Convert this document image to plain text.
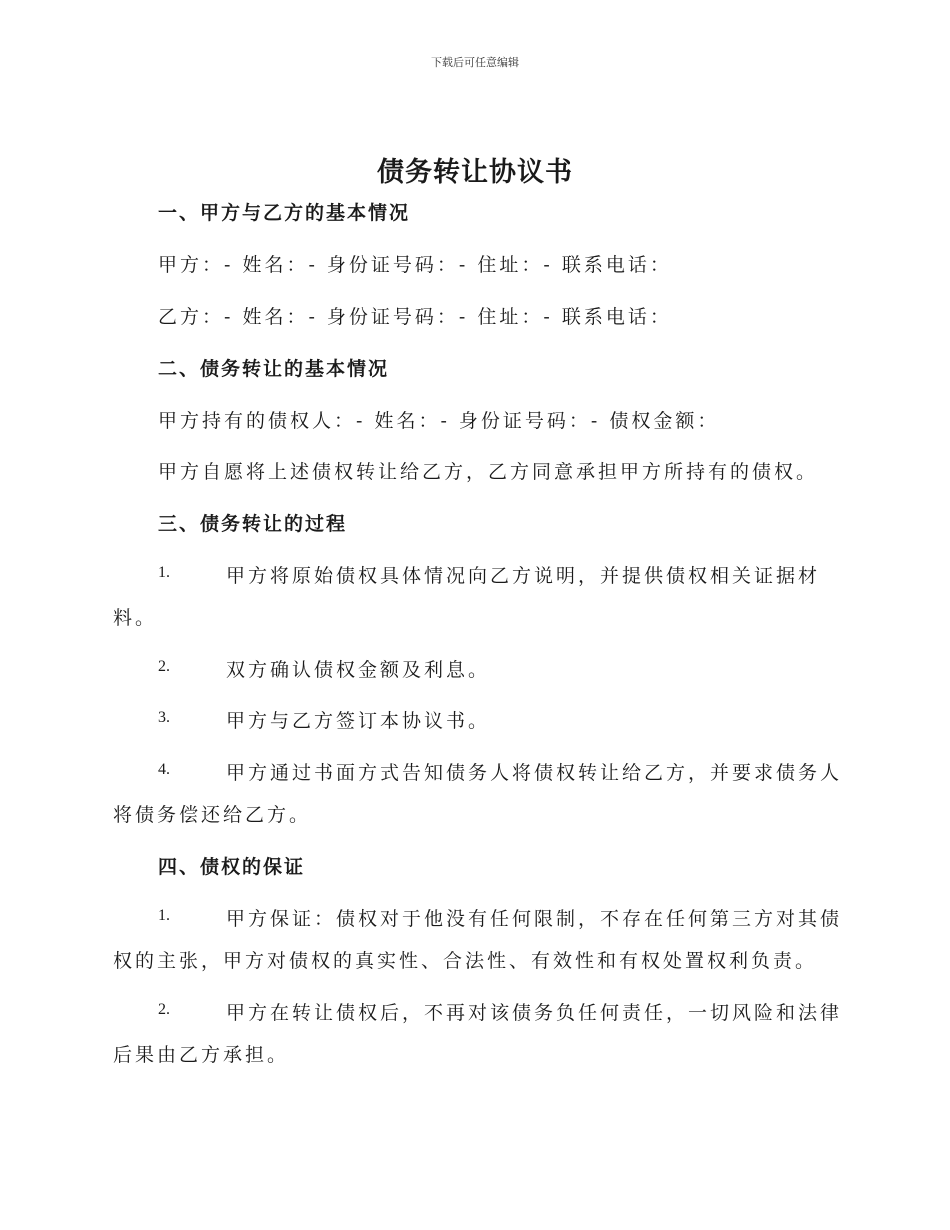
下载后可任意编辑
债务转让协议书
一、甲方与乙方的基本情况
甲方：- 姓名：- 身份证号码：- 住址：- 联系电话：
乙方：- 姓名：- 身份证号码：- 住址：- 联系电话：
二、债务转让的基本情况
甲方持有的债权人：- 姓名：- 身份证号码：- 债权金额：
甲方自愿将上述债权转让给乙方，乙方同意承担甲方所持有的债权。
三、债务转让的过程
1.	甲方将原始债权具体情况向乙方说明，并提供债权相关证据材
料。
2.	双方确认债权金额及利息。
3.	甲方与乙方签订本协议书。
4.	甲方通过书面方式告知债务人将债权转让给乙方，并要求债务人
将债务偿还给乙方。
四、债权的保证
1.	甲方保证：债权对于他没有任何限制，不存在任何第三方对其债
权的主张，甲方对债权的真实性、合法性、有效性和有权处置权利负责。
2.	甲方在转让债权后，不再对该债务负任何责任，一切风险和法律
后果由乙方承担。
